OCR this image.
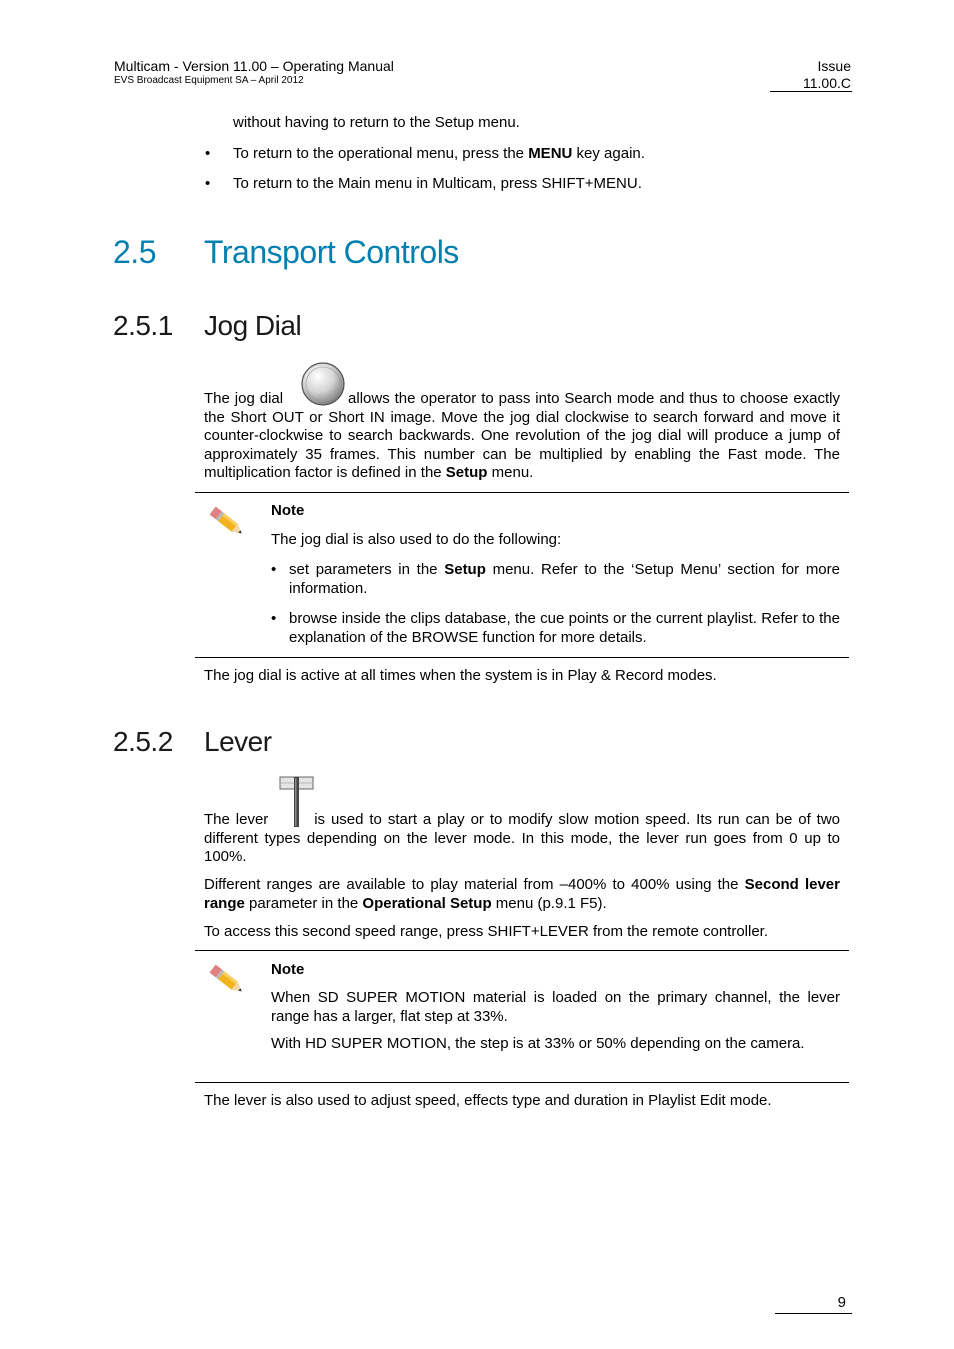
Multicam - Version 11.00 – Operating Manual
EVS Broadcast Equipment SA – April 2012
Issue
11.00.C
without having to return to the Setup menu.
• To return to the operational menu, press the MENU key again.
• To return to the Main menu in Multicam, press SHIFT+MENU.
2.5 Transport Controls
2.5.1 Jog Dial
The jog dial	allows the operator to pass into Search mode and thus to choose exactly the Short OUT or Short IN image. Move the jog dial clockwise to search forward and move it counter-clockwise to search backwards. One revolution of the jog dial will produce a jump of approximately 35 frames. This number can be multiplied by enabling the Fast mode. The multiplication factor is defined in the Setup menu.
Note
The jog dial is also used to do the following:
• set parameters in the Setup menu. Refer to the ‘Setup Menu’ section for more information.
• browse inside the clips database, the cue points or the current playlist. Refer to the explanation of the BROWSE function for more details.
The jog dial is active at all times when the system is in Play & Record modes.
2.5.2 Lever
The lever	is used to start a play or to modify slow motion speed. Its run can be of two different types depending on the lever mode. In this mode, the lever run goes from 0 up to 100%.
Different ranges are available to play material from –400% to 400% using the Second lever range parameter in the Operational Setup menu (p.9.1 F5).
To access this second speed range, press SHIFT+LEVER from the remote controller.
Note
When SD SUPER MOTION material is loaded on the primary channel, the lever range has a larger, flat step at 33%.
With HD SUPER MOTION, the step is at 33% or 50% depending on the camera.
The lever is also used to adjust speed, effects type and duration in Playlist Edit mode.
9
